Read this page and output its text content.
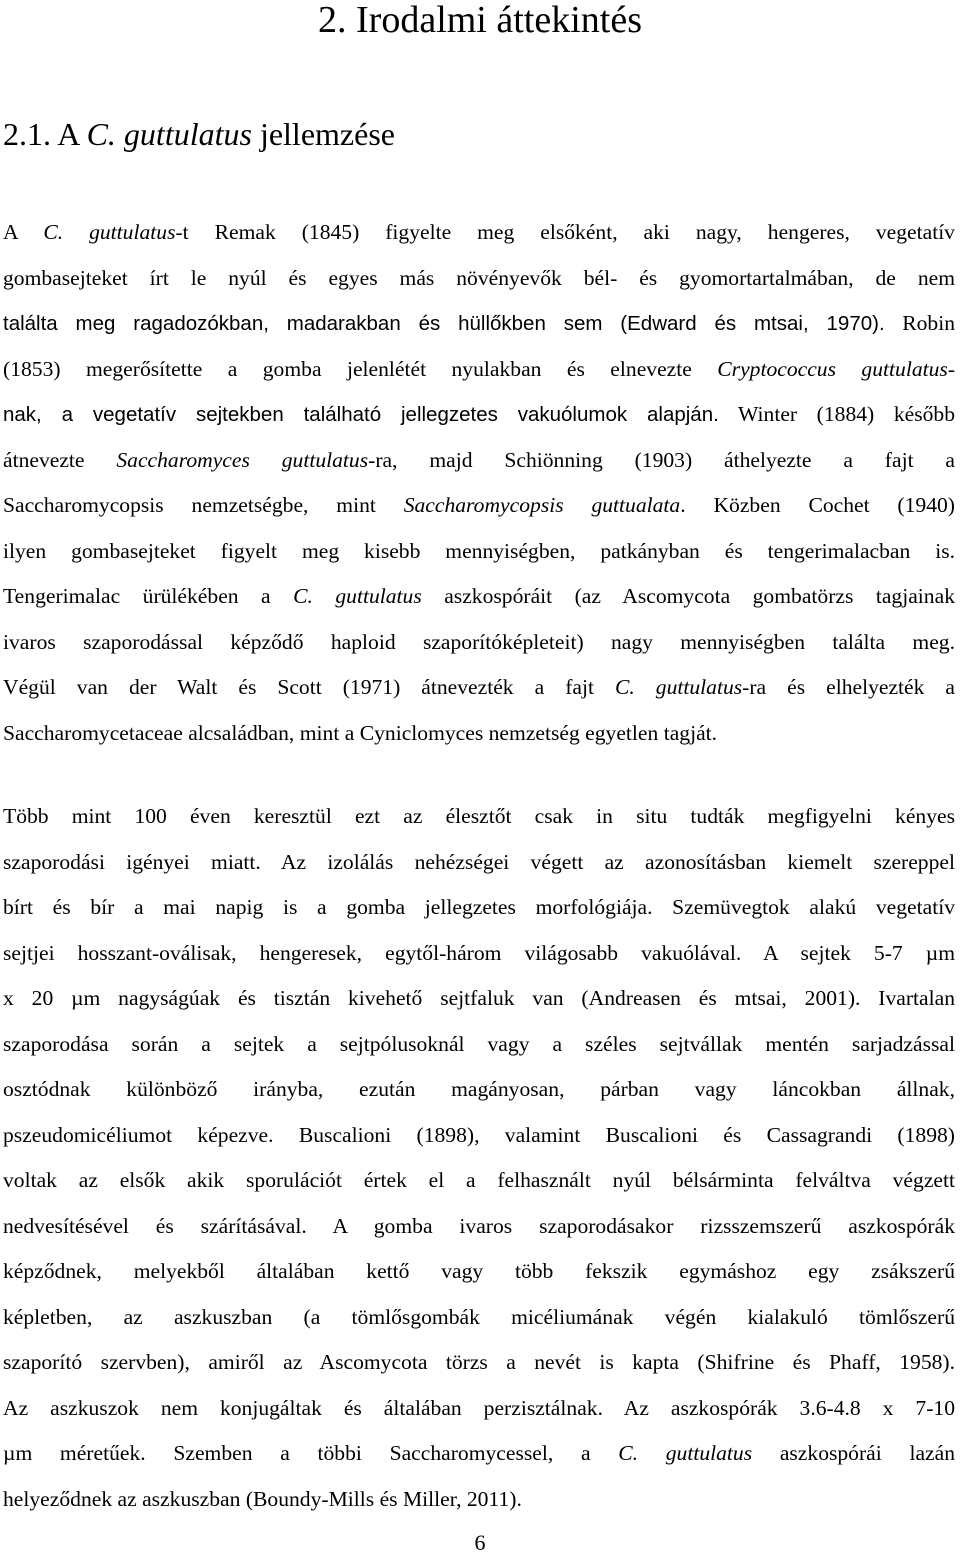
2. Irodalmi áttekintés
2.1. A C. guttulatus jellemzése
A C. guttulatus-t Remak (1845) figyelte meg elsőként, aki nagy, hengeres, vegetatív
gombasejteket írt le nyúl és egyes más növényevők bél- és gyomortartalmában, de nem
találta meg ragadozókban, madarakban és hüllőkben sem (Edward és mtsai, 1970). Robin
(1853) megerősítette a gomba jelenlétét nyulakban és elnevezte Cryptococcus guttulatus-
nak, a vegetatív sejtekben található jellegzetes vakuólumok alapján. Winter (1884) később
átnevezte Saccharomyces guttulatus-ra, majd Schiönning (1903) áthelyezte a fajt a
Saccharomycopsis nemzetségbe, mint Saccharomycopsis guttualata. Közben Cochet (1940)
ilyen gombasejteket figyelt meg kisebb mennyiségben, patkányban és tengerimalacban is.
Tengerimalac ürülékében a C. guttulatus aszkospóráit (az Ascomycota gombatörzs tagjainak
ivaros szaporodással képződő haploid szaporítóképleteit) nagy mennyiségben találta meg.
Végül van der Walt és Scott (1971) átnevezték a fajt C. guttulatus-ra és elhelyezték a
Saccharomycetaceae alcsaládban, mint a Cyniclomyces nemzetség egyetlen tagját.
Több mint 100 éven keresztül ezt az élesztőt csak in situ tudták megfigyelni kényes
szaporodási igényei miatt. Az izolálás nehézségei végett az azonosításban kiemelt szereppel
bírt és bír a mai napig is a gomba jellegzetes morfológiája. Szemüvegtok alakú vegetatív
sejtjei hosszant-oválisak, hengeresek, egytől-három világosabb vakuólával. A sejtek 5-7 µm
x 20 µm nagyságúak és tisztán kivehető sejtfaluk van (Andreasen és mtsai, 2001). Ivartalan
szaporodása során a sejtek a sejtpólusoknál vagy a széles sejtvállak mentén sarjadzással
osztódnak különböző irányba, ezután magányosan, párban vagy láncokban állnak,
pszeudomicéliumot képezve. Buscalioni (1898), valamint Buscalioni és Cassagrandi (1898)
voltak az elsők akik sporulációt értek el a felhasznált nyúl bélsárminta felváltva végzett
nedvesítésével és szárításával. A gomba ivaros szaporodásakor rizsszemszerű aszkospórák
képződnek, melyekből általában kettő vagy több fekszik egymáshoz egy zsákszerű
képletben, az aszkuszban (a tömlősgombák micéliumának végén kialakuló tömlőszerű
szaporító szervben), amiről az Ascomycota törzs a nevét is kapta (Shifrine és Phaff, 1958).
Az aszkuszok nem konjugáltak és általában perzisztálnak. Az aszkospórák 3.6-4.8 x 7-10
µm méretűek. Szemben a többi Saccharomycessel, a C. guttulatus aszkospórái lazán
helyeződnek az aszkuszban (Boundy-Mills és Miller, 2011).
6
